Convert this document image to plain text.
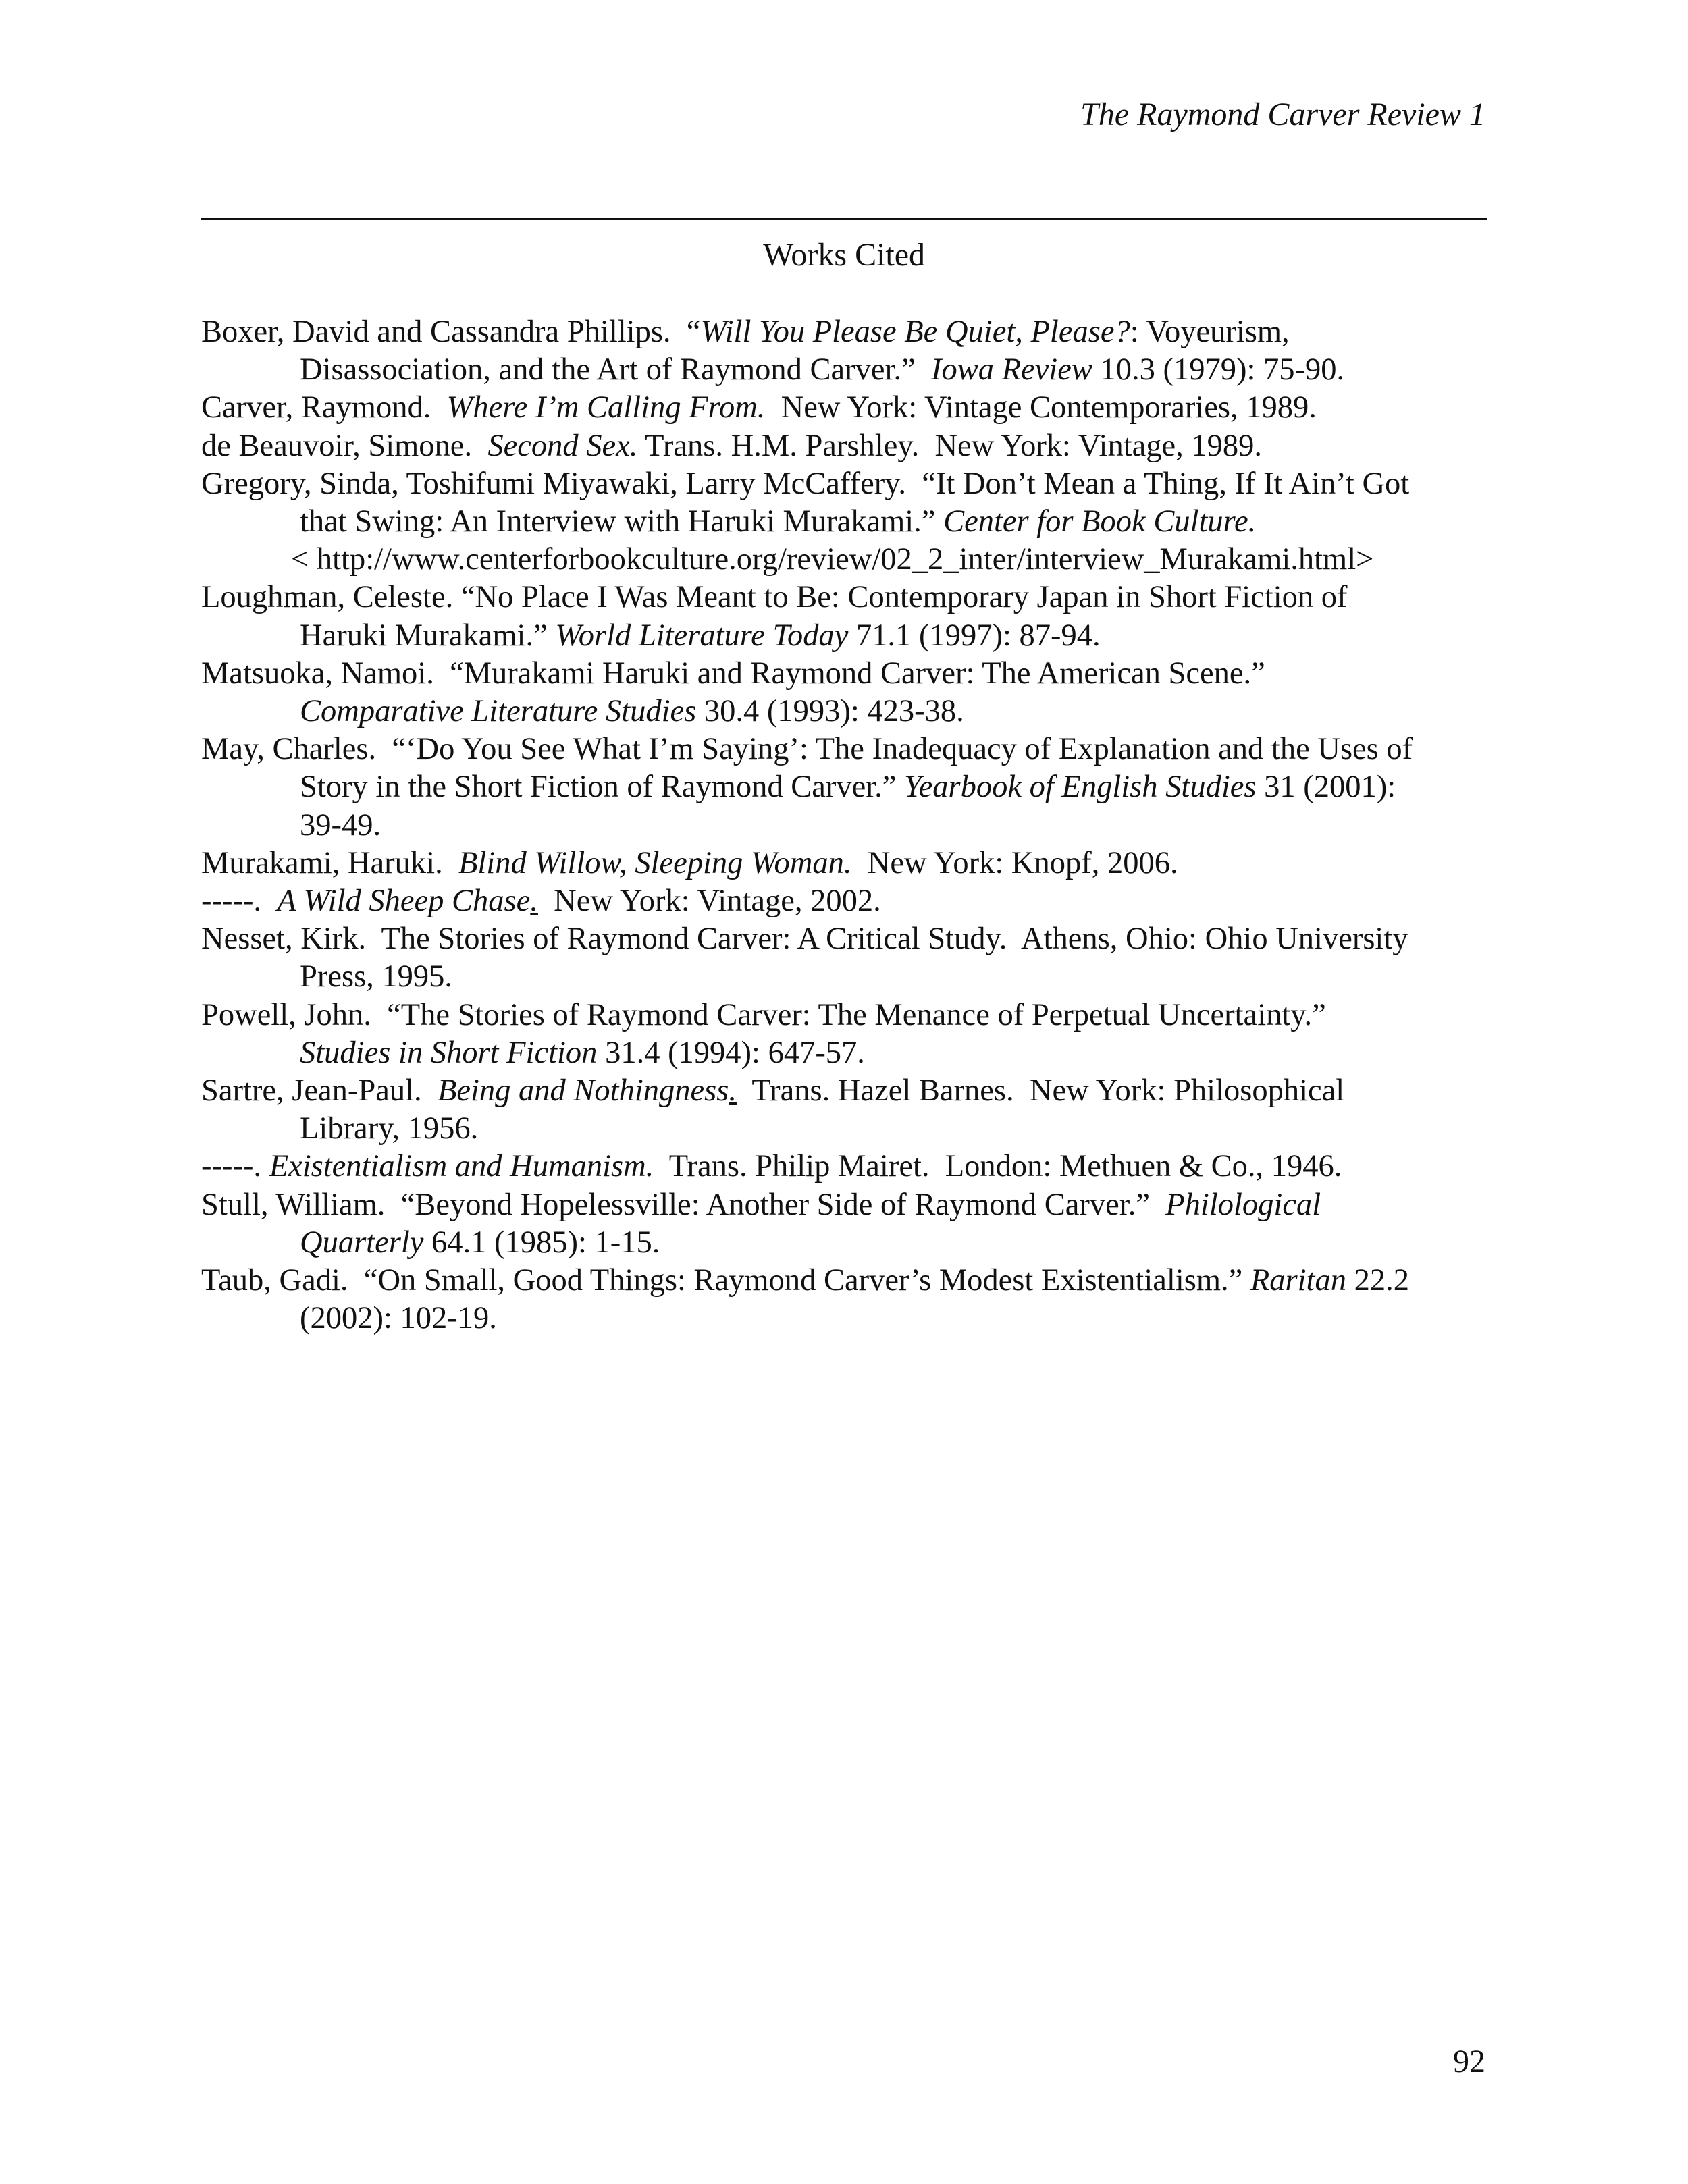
The Raymond Carver Review 1
Works Cited
Boxer, David and Cassandra Phillips.  “Will You Please Be Quiet, Please?: Voyeurism,
Disassociation, and the Art of Raymond Carver.”  Iowa Review 10.3 (1979): 75-90.
Carver, Raymond.  Where I’m Calling From.  New York: Vintage Contemporaries, 1989.
de Beauvoir, Simone.  Second Sex. Trans. H.M. Parshley.  New York: Vintage, 1989.
Gregory, Sinda, Toshifumi Miyawaki, Larry McCaffery.  “It Don’t Mean a Thing, If It Ain’t Got
that Swing: An Interview with Haruki Murakami.” Center for Book Culture.
< http://www.centerforbookculture.org/review/02_2_inter/interview_Murakami.html>
Loughman, Celeste. “No Place I Was Meant to Be: Contemporary Japan in Short Fiction of
Haruki Murakami.” World Literature Today 71.1 (1997): 87-94.
Matsuoka, Namoi.  “Murakami Haruki and Raymond Carver: The American Scene.”
Comparative Literature Studies 30.4 (1993): 423-38.
May, Charles.  “‘Do You See What I’m Saying’: The Inadequacy of Explanation and the Uses of
Story in the Short Fiction of Raymond Carver.” Yearbook of English Studies 31 (2001):
39-49.
Murakami, Haruki.  Blind Willow, Sleeping Woman.  New York: Knopf, 2006.
-----.  A Wild Sheep Chase.  New York: Vintage, 2002.
Nesset, Kirk.  The Stories of Raymond Carver: A Critical Study.  Athens, Ohio: Ohio University
Press, 1995.
Powell, John.  “The Stories of Raymond Carver: The Menance of Perpetual Uncertainty.”
Studies in Short Fiction 31.4 (1994): 647-57.
Sartre, Jean-Paul.  Being and Nothingness.  Trans. Hazel Barnes.  New York: Philosophical
Library, 1956.
-----. Existentialism and Humanism.  Trans. Philip Mairet.  London: Methuen & Co., 1946.
Stull, William.  “Beyond Hopelessville: Another Side of Raymond Carver.”  Philological
Quarterly 64.1 (1985): 1-15.
Taub, Gadi.  “On Small, Good Things: Raymond Carver’s Modest Existentialism.” Raritan 22.2
(2002): 102-19.
92
